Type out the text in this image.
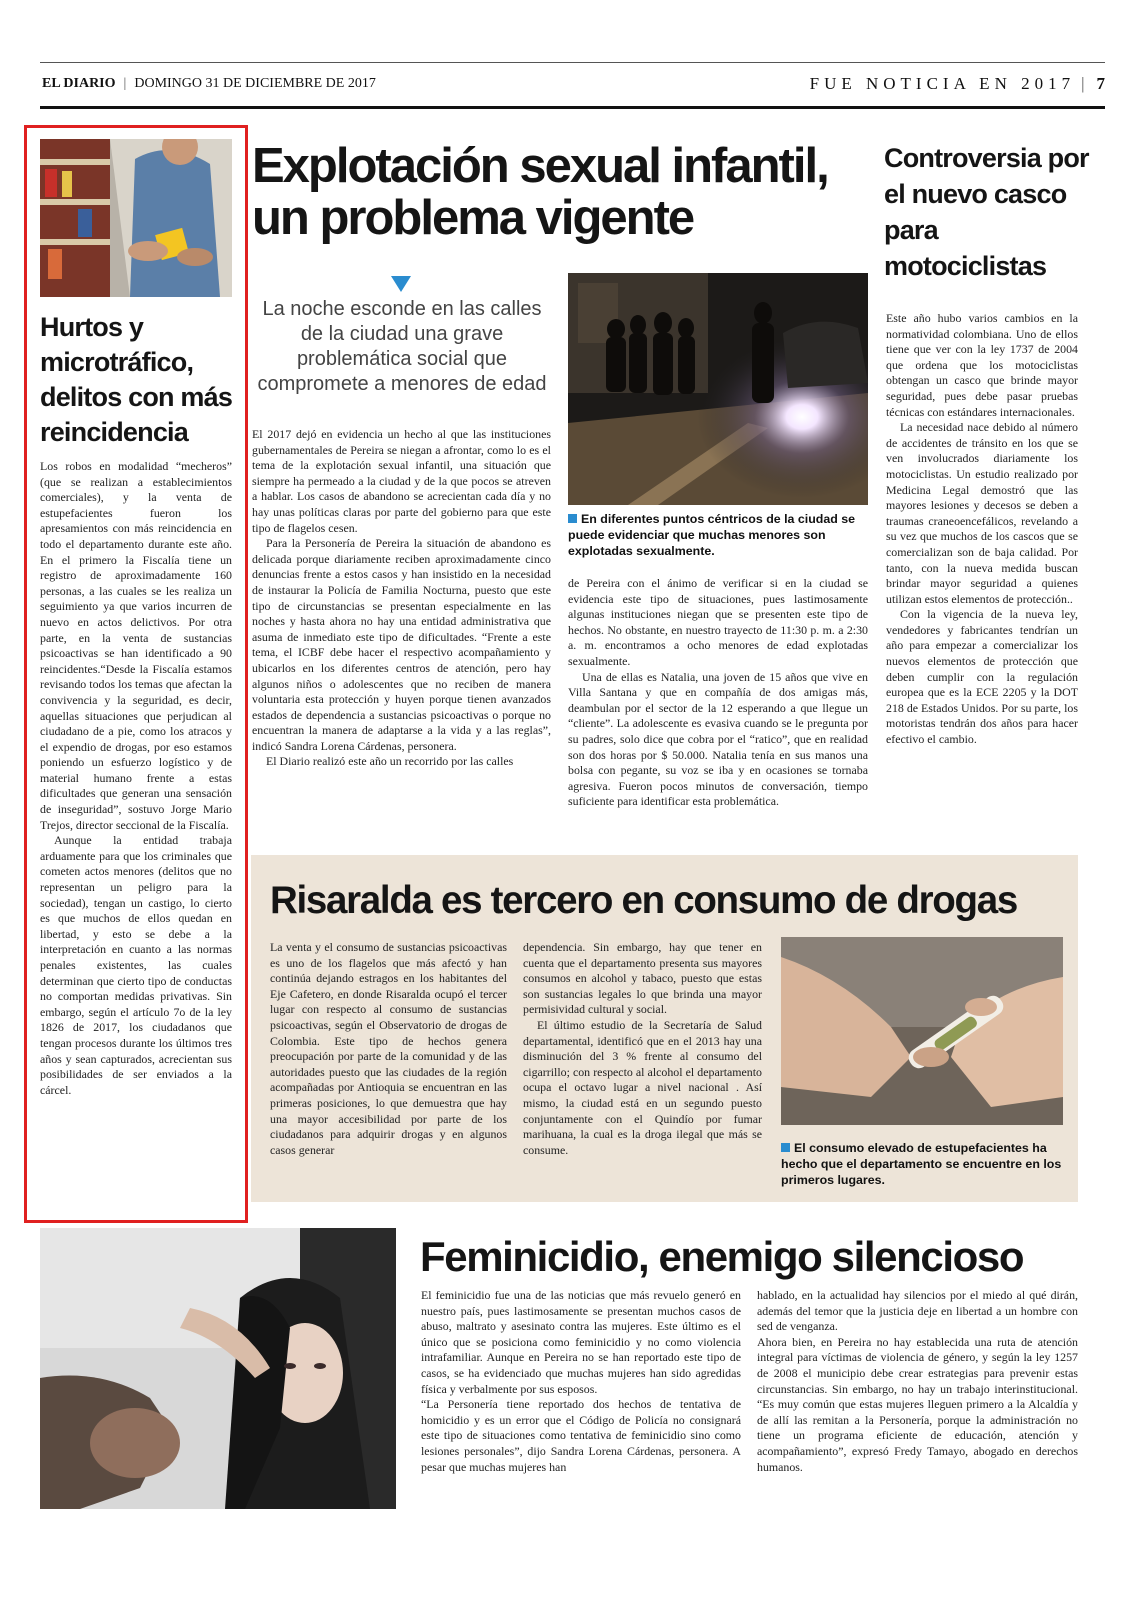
EL DIARIO | DOMINGO 31 DE DICIEMBRE DE 2017	FUE NOTICIA EN 2017 | 7
Hurtos y microtráfico, delitos con más reincidencia

Los robos en modalidad “mecheros” (que se realizan a establecimientos comerciales), y la venta de estupefacientes fueron los apresamientos con más reincidencia en todo el departamento durante este año. En el primero la Fiscalía tiene un registro de aproximadamente 160 personas, a las cuales se les realiza un seguimiento ya que varios incurren de nuevo en actos delictivos. Por otra parte, en la venta de sustancias psicoactivas se han identificado a 90 reincidentes.“Desde la Fiscalía estamos revisando todos los temas que afectan la convivencia y la seguridad, es decir, aquellas situaciones que perjudican al ciudadano de a pie, como los atracos y el expendio de drogas, por eso estamos poniendo un esfuerzo logístico y de material humano frente a estas dificultades que generan una sensación de inseguridad”, sostuvo Jorge Mario Trejos, director seccional de la Fiscalía.

Aunque la entidad trabaja arduamente para que los criminales que cometen actos menores (delitos que no representan un peligro para la sociedad), tengan un castigo, lo cierto es que muchos de ellos quedan en libertad, y esto se debe a la interpretación en cuanto a las normas penales existentes, las cuales determinan que cierto tipo de conductas no comportan medidas privativas. Sin embargo, según el artículo 7o de la ley 1826 de 2017, los ciudadanos que tengan procesos durante los últimos tres años y sean capturados, acrecientan sus posibilidades de ser enviados a la cárcel.

Explotación sexual infantil, un problema vigente
La noche esconde en las calles de la ciudad una grave problemática social que compromete a menores de edad

El 2017 dejó en evidencia un hecho al que las instituciones gubernamentales de Pereira se niegan a afrontar, como lo es el tema de la explotación sexual infantil, una situación que siempre ha permeado a la ciudad y de la que pocos se atreven a hablar. Los casos de abandono se acrecientan cada día y no hay unas políticas claras por parte del gobierno para que este tipo de flagelos cesen.

Para la Personería de Pereira la situación de abandono es delicada porque diariamente reciben aproximadamente cinco denuncias frente a estos casos y han insistido en la necesidad de instaurar la Policía de Familia Nocturna, puesto que este tipo de circunstancias se presentan especialmente en las noches y hasta ahora no hay una entidad administrativa que asuma de inmediato este tipo de dificultades. “Frente a este tema, el ICBF debe hacer el respectivo acompañamiento y ubicarlos en los diferentes centros de atención, pero hay algunos niños o adolescentes que no reciben de manera voluntaria esta protección y huyen porque tienen avanzados estados de dependencia a sustancias psicoactivas o porque no encuentran la manera de adaptarse a la vida y a las reglas”, indicó Sandra Lorena Cárdenas, personera.

El Diario realizó este año un recorrido por las calles

En diferentes puntos céntricos de la ciudad se puede evidenciar que muchas menores son explotadas sexualmente.

de Pereira con el ánimo de verificar si en la ciudad se evidencia este tipo de situaciones, pues lastimosamente algunas instituciones niegan que se presenten este tipo de hechos. No obstante, en nuestro trayecto de 11:30 p. m. a 2:30 a. m. encontramos a ocho menores de edad explotadas sexualmente.

Una de ellas es Natalia, una joven de 15 años que vive en Villa Santana y que en compañía de dos amigas más, deambulan por el sector de la 12 esperando a que llegue un “cliente”. La adolescente es evasiva cuando se le pregunta por su padres, solo dice que cobra por el “ratico”, que en realidad son dos horas por $ 50.000. Natalia tenía en sus manos una bolsa con pegante, su voz se iba y en ocasiones se tornaba agresiva. Fueron pocos minutos de conversación, tiempo suficiente para identificar esta problemática.

Controversia por el nuevo casco para motociclistas

Este año hubo varios cambios en la normatividad colombiana. Uno de ellos tiene que ver con la ley 1737 de 2004 que ordena que los motociclistas obtengan un casco que brinde mayor seguridad, pues debe pasar pruebas técnicas con estándares internacionales.

La necesidad nace debido al número de accidentes de tránsito en los que se ven involucrados diariamente los motociclistas. Un estudio realizado por Medicina Legal demostró que las mayores lesiones y decesos se deben a traumas craneoencefálicos, revelando a su vez que muchos de los cascos que se comercializan son de baja calidad. Por tanto, con la nueva medida buscan brindar mayor seguridad a quienes utilizan estos elementos de protección..

Con la vigencia de la nueva ley, vendedores y fabricantes tendrían un año para empezar a comercializar los nuevos elementos de protección que deben cumplir con la regulación europea que es la ECE 2205 y la DOT 218 de Estados Unidos. Por su parte, los motoristas tendrán dos años para hacer efectivo el cambio.

Risaralda es tercero en consumo de drogas

La venta y el consumo de sustancias psicoactivas es uno de los flagelos que más afectó y han continúa dejando estragos en los habitantes del Eje Cafetero, en donde Risaralda ocupó el tercer lugar con respecto al consumo de sustancias psicoactivas, según el Observatorio de drogas de Colombia. Este tipo de hechos genera preocupación por parte de la comunidad y de las autoridades puesto que las ciudades de la región acompañadas por Antioquia se encuentran en las primeras posiciones, lo que demuestra que hay una mayor accesibilidad por parte de los ciudadanos para adquirir drogas y en algunos casos generar

dependencia. Sin embargo, hay que tener en cuenta que el departamento presenta sus mayores consumos en alcohol y tabaco, puesto que estas son sustancias legales lo que brinda una mayor permisividad cultural y social.

El último estudio de la Secretaría de Salud departamental, identificó que en el 2013 hay una disminución del 3 % frente al consumo del cigarrillo; con respecto al alcohol el departamento ocupa el octavo lugar a nivel nacional . Así mismo, la ciudad está en un segundo puesto conjuntamente con el Quindío por fumar marihuana, la cual es la droga ilegal que más se consume.	El consumo elevado de estupefacientes ha hecho que el departamento se encuentre en los primeros lugares.
Feminicidio, enemigo silencioso

El feminicidio fue una de las noticias que más revuelo generó en nuestro país, pues lastimosamente se presentan muchos casos de abuso, maltrato y asesinato contra las mujeres. Este último es el único que se posiciona como feminicidio y no como violencia intrafamiliar. Aunque en Pereira no se han reportado este tipo de casos, se ha evidenciado que muchas mujeres han sido agredidas física y verbalmente por sus esposos.

“La Personería tiene reportado dos hechos de tentativa de homicidio y es un error que el Código de Policía no consignará este tipo de situaciones como tentativa de feminicidio sino como lesiones personales”, dijo Sandra Lorena Cárdenas, personera. A pesar que muchas mujeres han

hablado, en la actualidad hay silencios por el miedo al qué dirán, además del temor que la justicia deje en libertad a un hombre con sed de venganza.

Ahora bien, en Pereira no hay establecida una ruta de atención integral para víctimas de violencia de género, y según la ley 1257 de 2008 el municipio debe crear estrategias para prevenir estas circunstancias. Sin embargo, no hay un trabajo interinstitucional. “Es muy común que estas mujeres lleguen primero a la Alcaldía y de allí las remitan a la Personería, porque la administración no tiene un programa eficiente de educación, atención y acompañamiento”, expresó Fredy Tamayo, abogado en derechos humanos.
